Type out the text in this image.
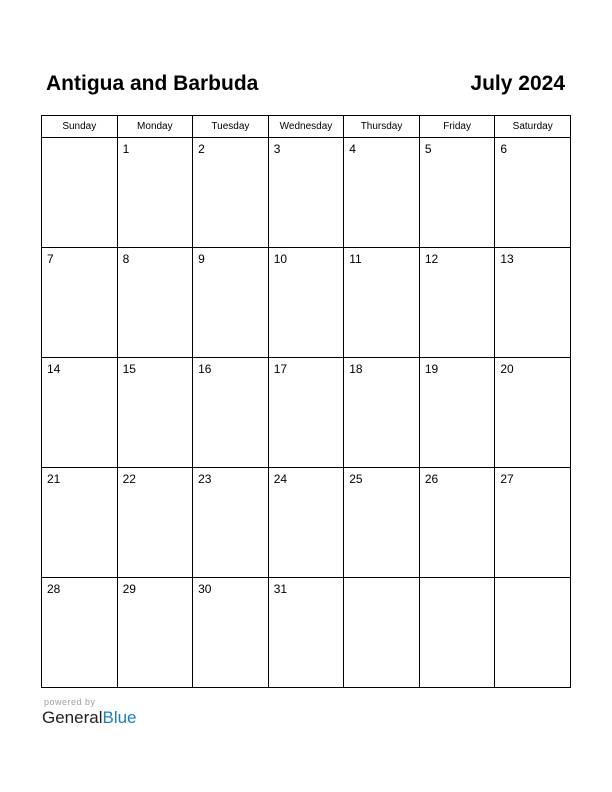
Antigua and Barbuda	July 2024
Sunday	Monday	Tuesday	Wednesday	Thursday	Friday	Saturday

	1	2	3	4	5	6

7	8	9	10	11	12	13

14	15	16	17	18	19	20

21	22	23	24	25	26	27

28	29	30	31			

powered by
GeneralBlue
